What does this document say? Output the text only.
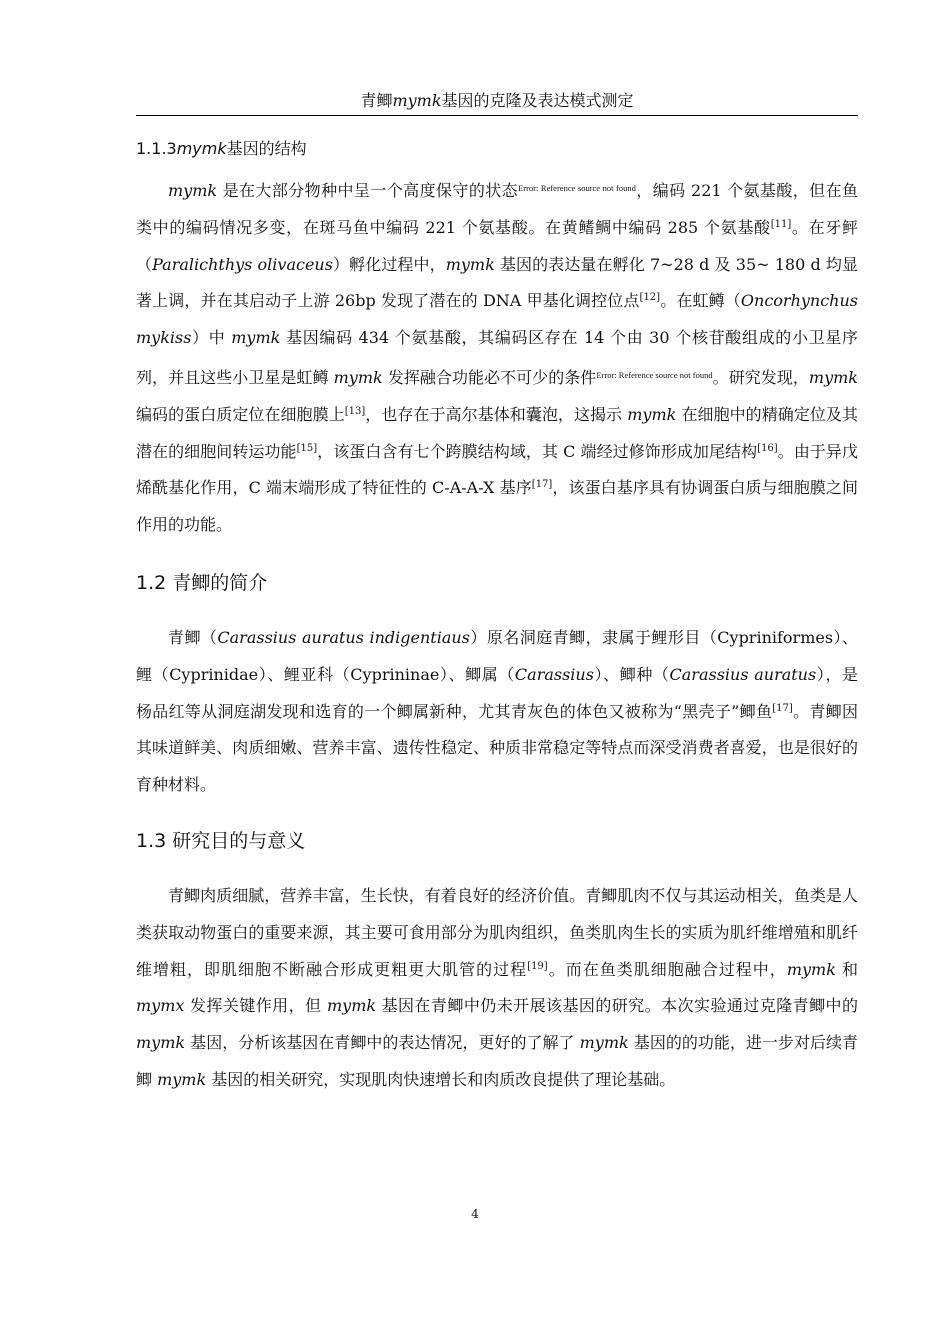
青鲫mymk基因的克隆及表达模式测定
1.1.3mymk基因的结构

mymk 是在大部分物种中呈一个高度保守的状态$^{Error: Reference source not found}$，编码 221 个氨基酸，但在鱼类中的编码情况多变，在斑马鱼中编码 221 个氨基酸。在黄鳍鲷中编码 285 个氨基酸[11]。在牙鲆（Paralichthys olivaceus）孵化过程中，mymk 基因的表达量在孵化 7~28 d 及 35~ 180 d 均显著上调，并在其启动子上游 26bp 发现了潜在的 DNA 甲基化调控位点[12]。在虹鳟（Oncorhynchus mykiss）中 mymk 基因编码 434 个氨基酸，其编码区存在 14 个由 30 个核苷酸组成的小卫星序列，并且这些小卫星是虹鳟 mymk 发挥融合功能必不可少的条件$^{Error: Reference source not found}$。研究发现，mymk 编码的蛋白质定位在细胞膜上[13]，也存在于高尔基体和囊泡，这揭示 mymk 在细胞中的精确定位及其潜在的细胞间转运功能[15]，该蛋白含有七个跨膜结构域，其 C 端经过修饰形成加尾结构[16]。由于异戊烯酰基化作用，C 端末端形成了特征性的 C-A-A-X 基序[17]，该蛋白基序具有协调蛋白质与细胞膜之间作用的功能。

1.2 青鲫的简介

青鲫（Carassius auratus indigentiaus）原名洞庭青鲫，隶属于鲤形目（Cypriniformes）、鲤（Cyprinidae）、鲤亚科（Cyprininae）、鲫属（Carassius）、鲫种（Carassius auratus），是杨品红等从洞庭湖发现和选育的一个鲫属新种，尤其青灰色的体色又被称为“黑壳子”鲫鱼[17]。青鲫因其味道鲜美、肉质细嫩、营养丰富、遗传性稳定、种质非常稳定等特点而深受消费者喜爱，也是很好的育种材料。

1.3 研究目的与意义

青鲫肉质细腻，营养丰富，生长快，有着良好的经济价值。青鲫肌肉不仅与其运动相关，鱼类是人类获取动物蛋白的重要来源，其主要可食用部分为肌肉组织，鱼类肌肉生长的实质为肌纤维增殖和肌纤维增粗，即肌细胞不断融合形成更粗更大肌管的过程[19]。而在鱼类肌细胞融合过程中，mymk 和 mymx 发挥关键作用，但 mymk 基因在青鲫中仍未开展该基因的研究。本次实验通过克隆青鲫中的 mymk 基因，分析该基因在青鲫中的表达情况，更好的了解了 mymk 基因的的功能，进一步对后续青鲫 mymk 基因的相关研究，实现肌肉快速增长和肉质改良提供了理论基础。

4
